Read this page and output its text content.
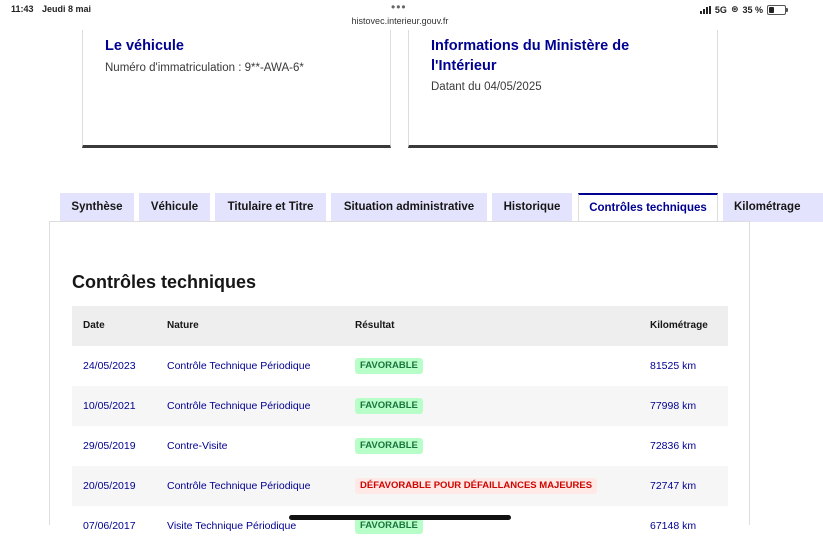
11:43 Jeudi 8 mai	•••
histovec.interieur.gouv.fr
5G ⊛ 35 %
Le véhicule
Numéro d'immatriculation : 9**-AWA-6*
Informations du Ministère de l'Intérieur
Datant du 04/05/2025
Synthèse	Véhicule	Titulaire et Titre	Situation administrative	Historique	Contrôles techniques	Kilométrage
Contrôles techniques
Date	Nature	Résultat	Kilométrage
24/05/2023	Contrôle Technique Périodique	FAVORABLE	81525 km
10/05/2021	Contrôle Technique Périodique	FAVORABLE	77998 km
29/05/2019	Contre-Visite	FAVORABLE	72836 km
20/05/2019	Contrôle Technique Périodique	DÉFAVORABLE POUR DÉFAILLANCES MAJEURES	72747 km
07/06/2017	Visite Technique Périodique	FAVORABLE	67148 km
